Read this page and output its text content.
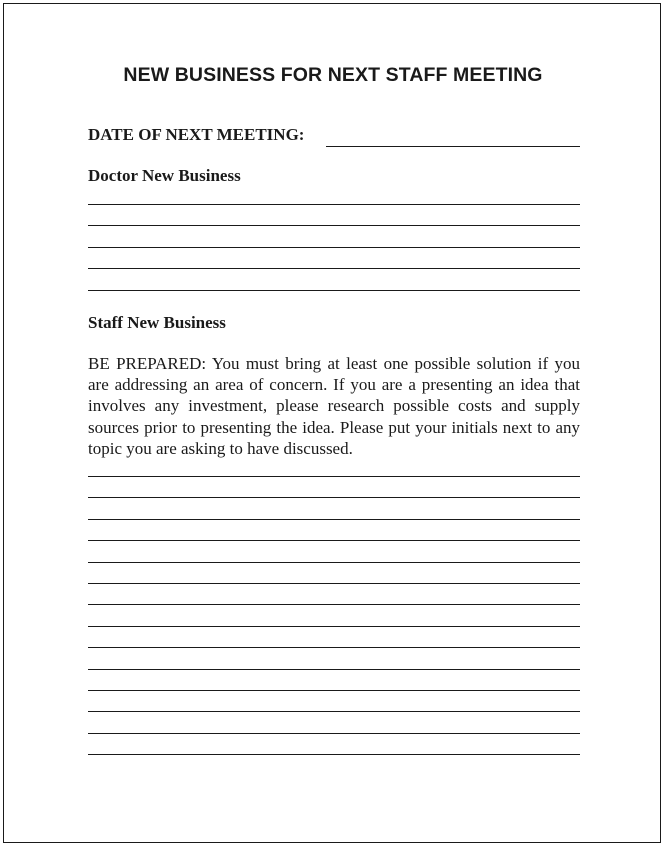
NEW BUSINESS FOR NEXT STAFF MEETING
DATE OF NEXT MEETING:
Doctor New Business
Staff New Business

BE PREPARED: You must bring at least one possible solution if you are addressing an area of concern. If you are a presenting an idea that involves any investment, please research possible costs and supply sources prior to presenting the idea. Please put your initials next to any topic you are asking to have discussed.
